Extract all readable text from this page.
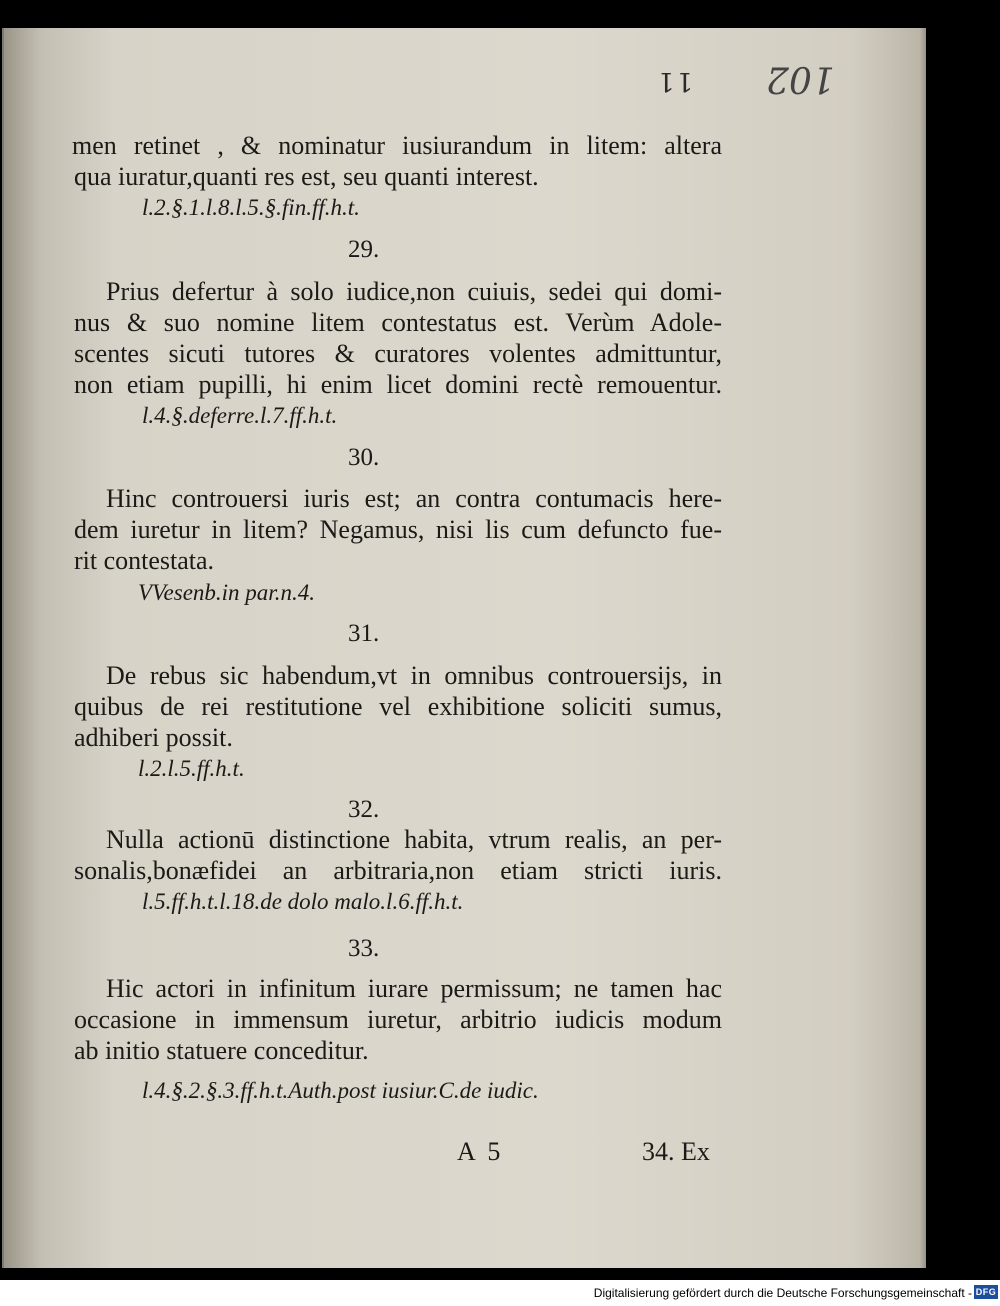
11 102
men retinet , & nominatur iusiurandum in litem: altera
qua iuratur,quanti res est, seu quanti interest.
l.2.§.1.l.8.l.5.§.fin.ff.h.t.
29.
Prius defertur à solo iudice,non cuiuis, sedei qui domi-
nus & suo nomine litem contestatus est. Verùm Adole-
scentes sicuti tutores & curatores volentes admittuntur,
non etiam pupilli, hi enim licet domini rectè remouentur.
l.4.§.deferre.l.7.ff.h.t.
30.
Hinc controuersi iuris est; an contra contumacis here-
dem iuretur in litem? Negamus, nisi lis cum defuncto fue-
rit contestata.
VVesenb.in par.n.4.
31.
De rebus sic habendum,vt in omnibus controuersijs, in
quibus de rei restitutione vel exhibitione soliciti sumus,
adhiberi possit.
l.2.l.5.ff.h.t.
32.
Nulla actionū distinctione habita, vtrum realis, an per-
sonalis,bonæfidei an arbitraria,non etiam stricti iuris.
l.5.ff.h.t.l.18.de dolo malo.l.6.ff.h.t.
33.
Hic actori in infinitum iurare permissum; ne tamen hac
occasione in immensum iuretur, arbitrio iudicis modum
ab initio statuere conceditur.
l.4.§.2.§.3.ff.h.t.Auth.post iusiur.C.de iudic.
A  5	34. Ex
Digitalisierung gefördert durch die Deutsche Forschungsgemeinschaft - DFG
